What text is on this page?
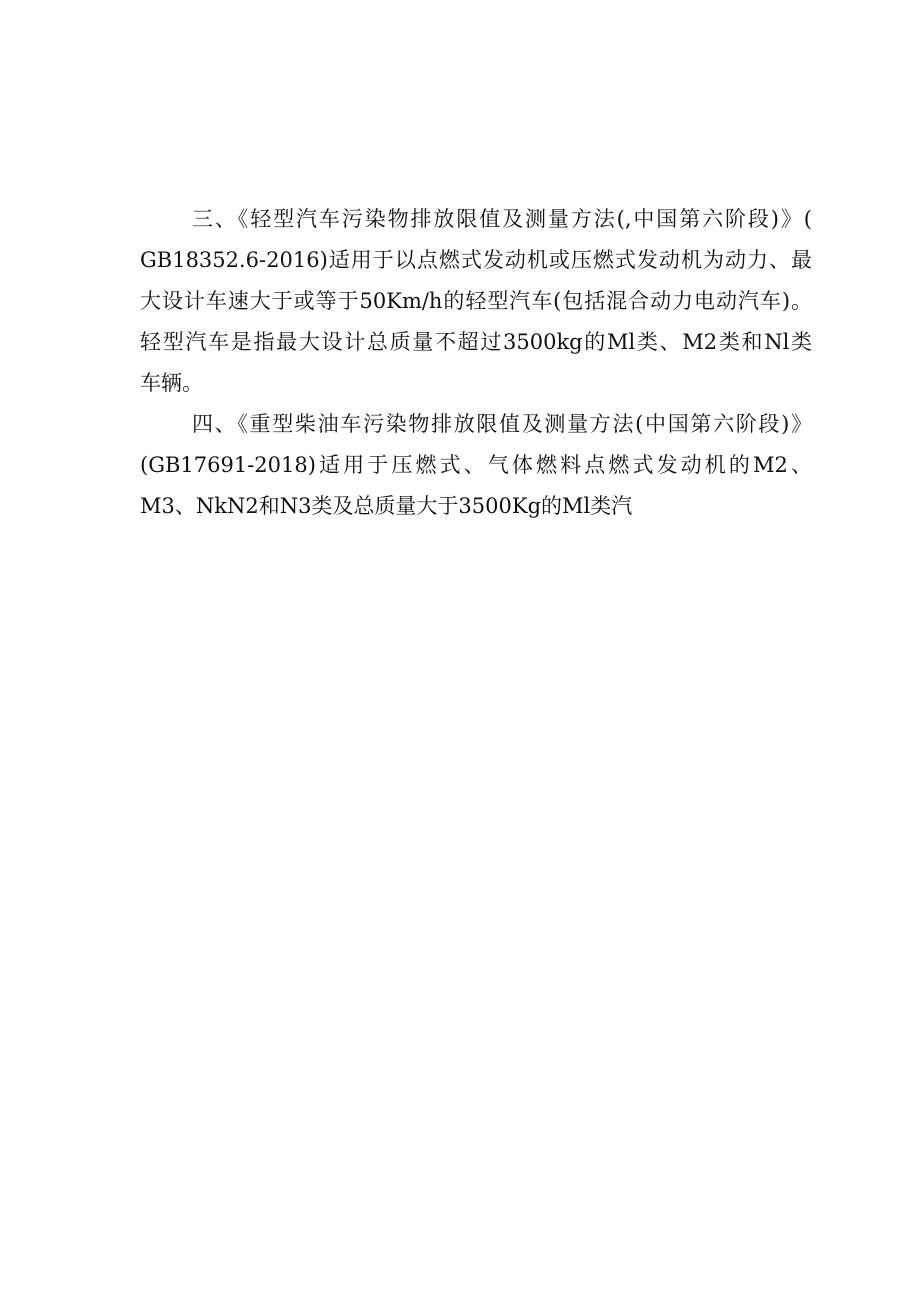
三、《轻型汽车污染物排放限值及测量方法(,中国第六阶段)》(
GB18352.6-2016)适用于以点燃式发动机或压燃式发动机为动力、最
大设计车速大于或等于50Km/h的轻型汽车(包括混合动力电动汽车)。
轻型汽车是指最大设计总质量不超过3500kg的Ml类、M2类和Nl类
车辆。
四、《重型柴油车污染物排放限值及测量方法(中国第六阶段)》
(GB17691-2018)适用于压燃式、气体燃料点燃式发动机的M2、
M3、NkN2和N3类及总质量大于3500Kg的Ml类汽
